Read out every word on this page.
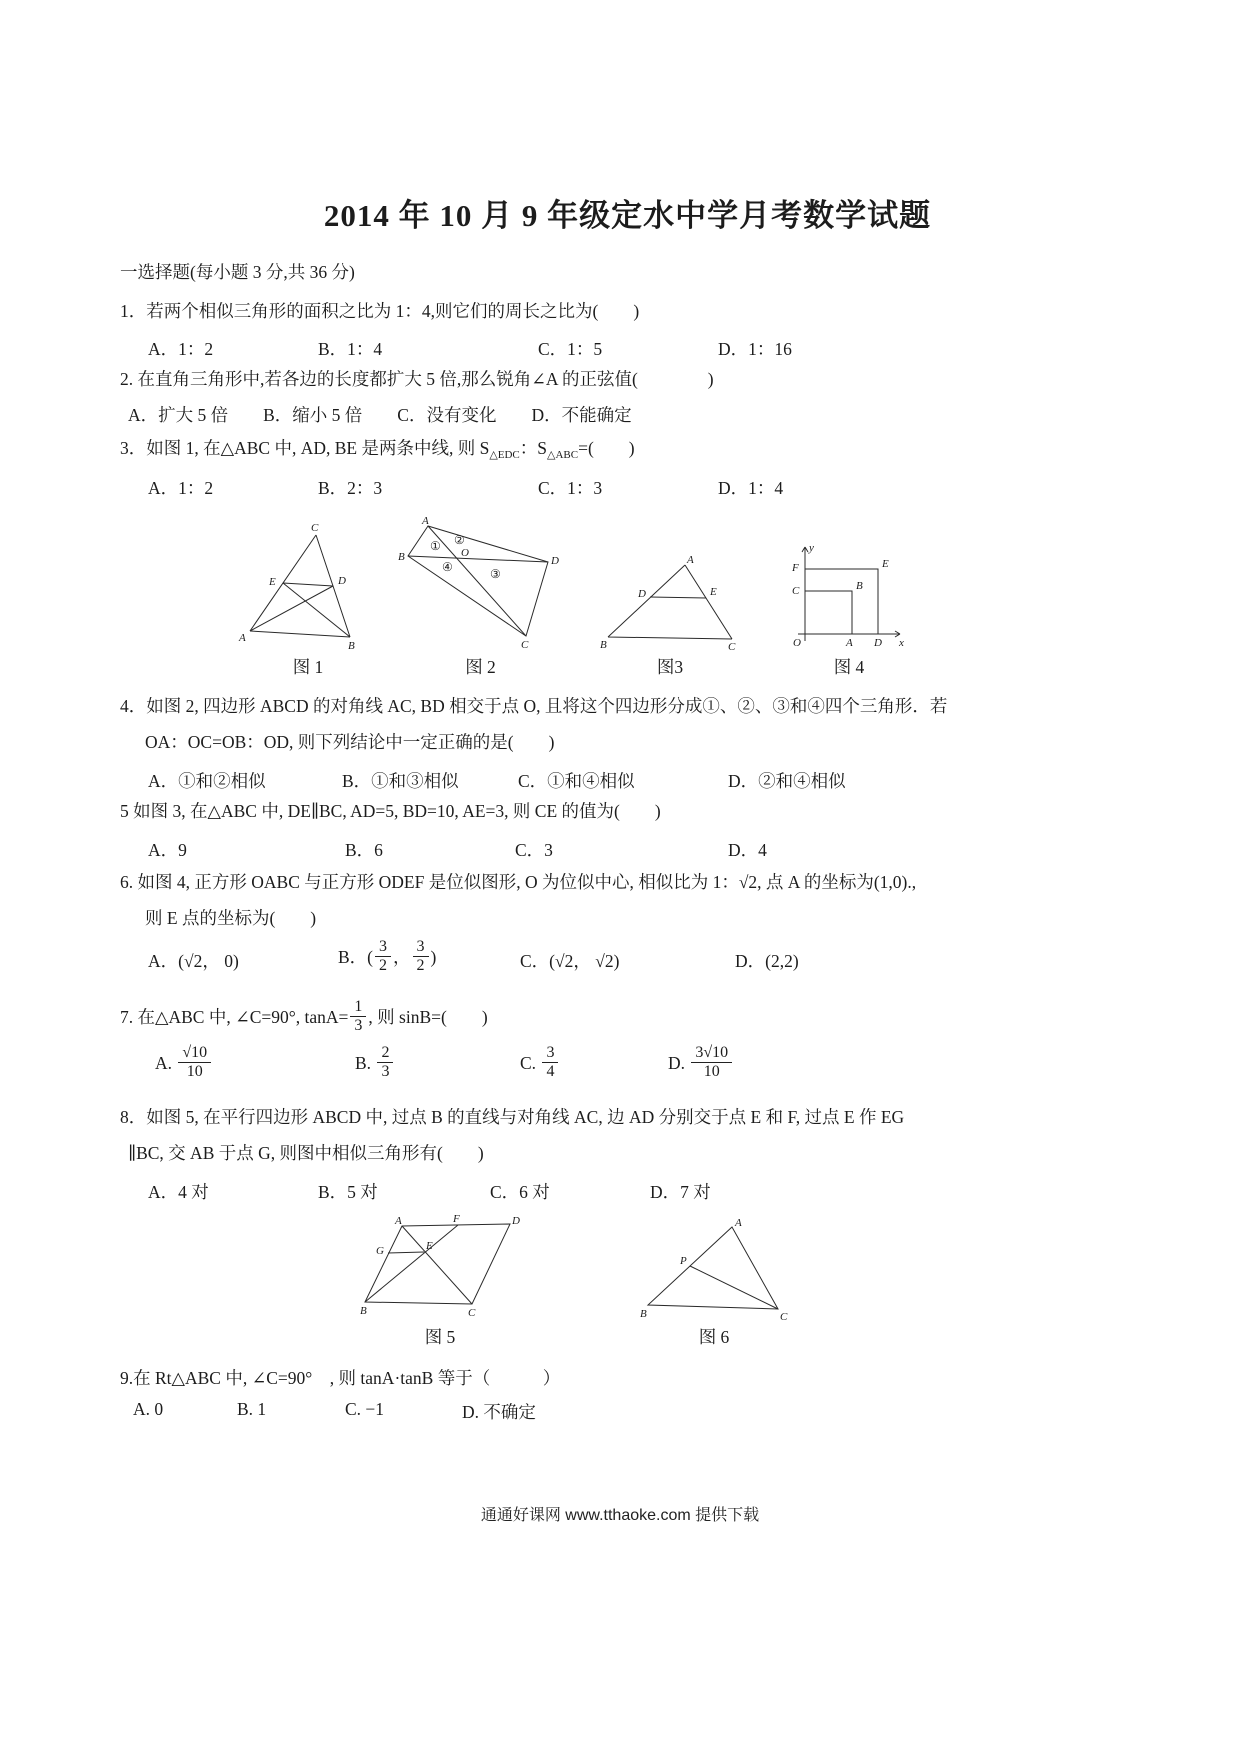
2014 年 10 月 9 年级定水中学月考数学试题

一选择题(每小题 3 分,共 36 分)

1．若两个相似三角形的面积之比为 1：4,则它们的周长之比为(　　)

A．1：2	B．1：4	C．1：5	D．1：16

2. 在直角三角形中,若各边的长度都扩大 5 倍,那么锐角∠A 的正弦值(　　　　)

A．扩大 5 倍　　B．缩小 5 倍　　C．没有变化　　D．不能确定

3．如图 1, 在△ABC 中, AD, BE 是两条中线, 则 $S_{\triangle EDC}$：$S_{\triangle ABC}=$(　　)

A．1：2	B．2：3	C．1：3	D．1：4
C
E	D
A
B
图 1
A
B	D
C
O
① ②
④	③
图 2
A
D	E
B	C
图3
y
x
O	A D
F
C
E
B
图 4

4．如图 2, 四边形 ABCD 的对角线 AC, BD 相交于点 O, 且将这个四边形分成①、②、③和④四个三角形．若

OA：OC=OB：OD, 则下列结论中一定正确的是(　　)

A．①和②相似	B．①和③相似	C．①和④相似	D．②和④相似

5 如图 3, 在△ABC 中, DE∥BC, AD=5, BD=10, AE=3, 则 CE 的值为(　　)

A．9	B．6	C．3	D．4

6. 如图 4, 正方形 OABC 与正方形 ODEF 是位似图形, O 为位似中心, 相似比为 1：√2, 点 A 的坐标为(1,0).,

则 E 点的坐标为(　　)

A．(√2， 0)	B．( $\frac{3}{2}$ ， $\frac{3}{2}$ )	C．(√2， √2)	D．(2,2)

7. 在△ABC 中, ∠C=90°, $\tan A= \frac{1}{3}$ , 则 sinB=(　　)

A. $\frac{√10}{10}$	B. $\frac{2}{3}$	C. $\frac{3}{4}$	D. $\frac{3√10}{10}$

8．如图 5, 在平行四边形 ABCD 中, 过点 B 的直线与对角线 AC, 边 AD 分别交于点 E 和 F, 过点 E 作 EG

∥BC, 交 AB 于点 G, 则图中相似三角形有(　　)

A．4 对	B．5 对	C．6 对	D．7 对
A	F	D
G	E
B	C
图 5
A
P
B	C
图 6

9.在 Rt△ABC 中, ∠C=90°　, 则 tanA·tanB 等于（　　　）

A. 0	B. 1	C. −1	D. 不确定
通通好课网 www.tthaoke.com 提供下载
